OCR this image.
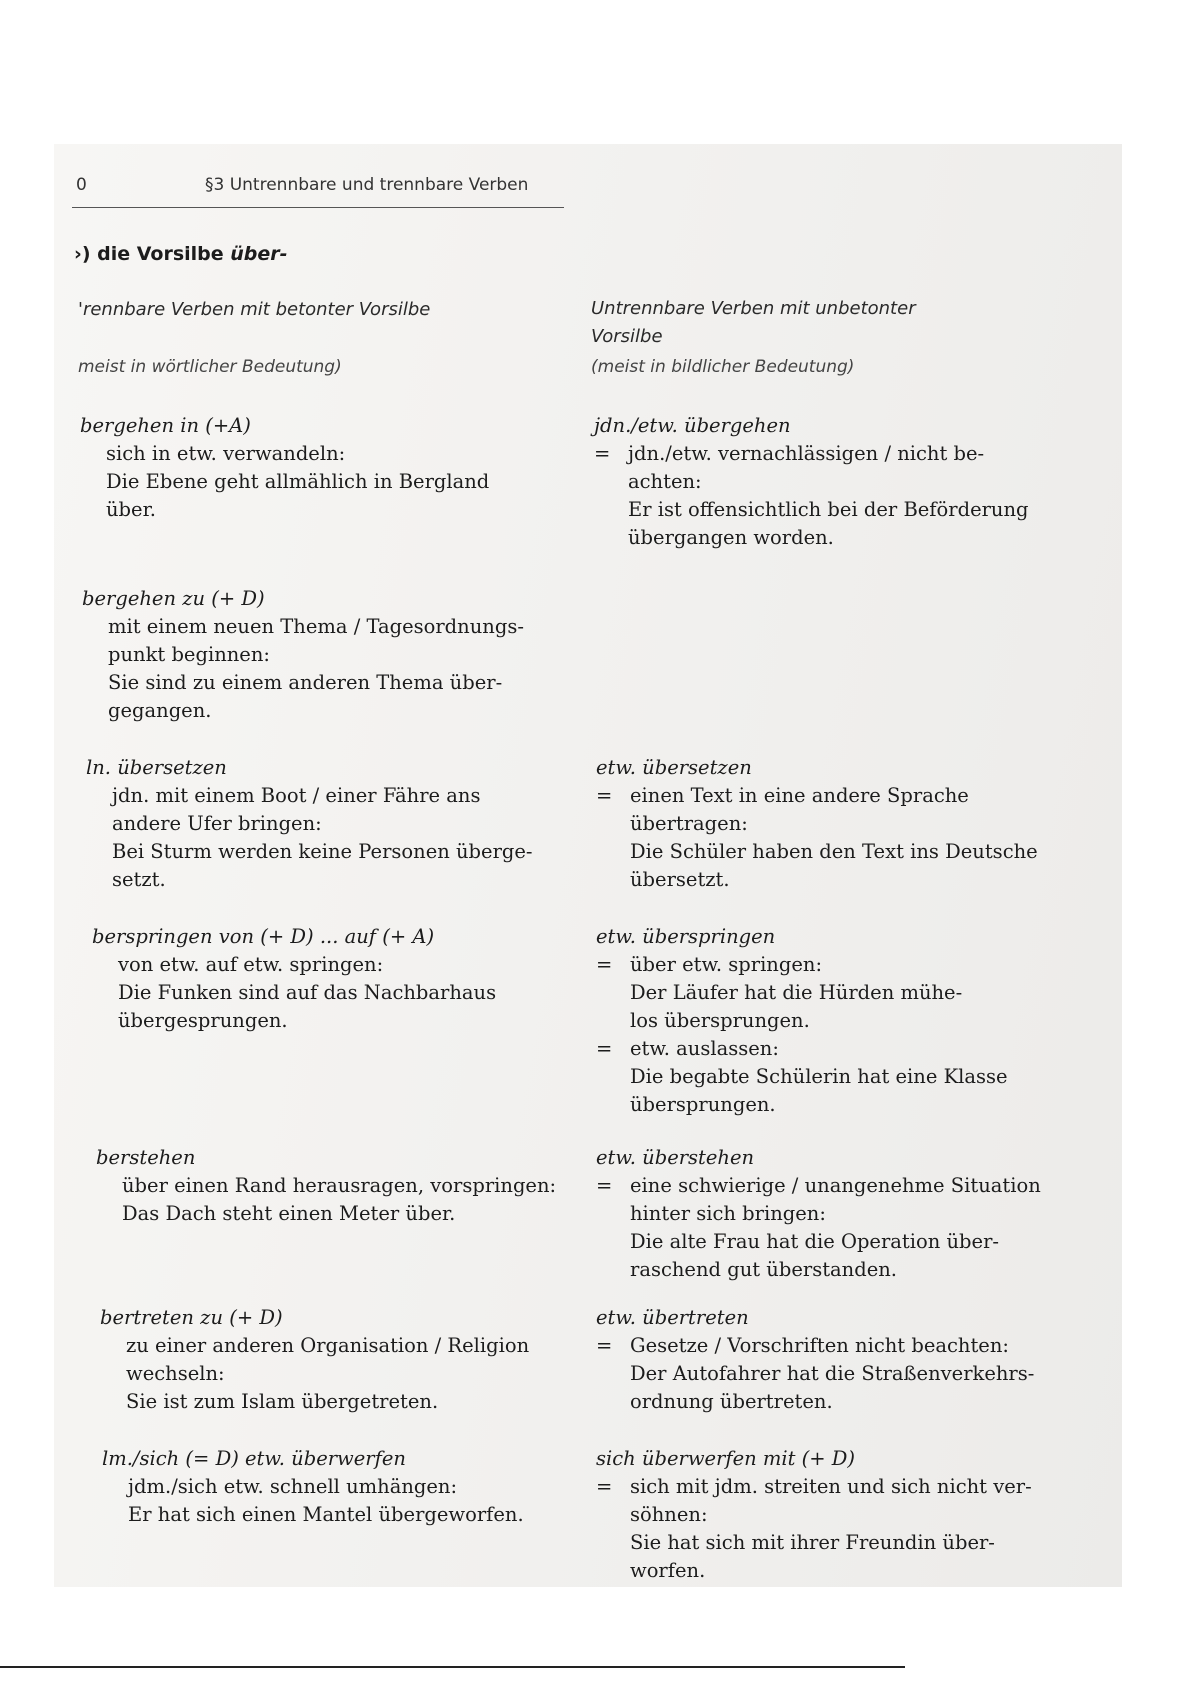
0	§3 Untrennbare und trennbare Verben
›) die Vorsilbe über-
'rennbare Verben mit betonter Vorsilbe
meist in wörtlicher Bedeutung)
Untrennbare Verben mit unbetonter
Vorsilbe
(meist in bildlicher Bedeutung)
bergehen in (+A)
sich in etw. verwandeln:
Die Ebene geht allmählich in Bergland
über.
bergehen zu (+ D)
mit einem neuen Thema / Tagesordnungs-
punkt beginnen:
Sie sind zu einem anderen Thema über-
gegangen.
ln. übersetzen
jdn. mit einem Boot / einer Fähre ans
andere Ufer bringen:
Bei Sturm werden keine Personen überge-
setzt.
berspringen von (+ D) ... auf (+ A)
von etw. auf etw. springen:
Die Funken sind auf das Nachbarhaus
übergesprungen.
berstehen
über einen Rand herausragen, vorspringen:
Das Dach steht einen Meter über.
bertreten zu (+ D)
zu einer anderen Organisation / Religion
wechseln:
Sie ist zum Islam übergetreten.
lm./sich (= D) etw. überwerfen
jdm./sich etw. schnell umhängen:
Er hat sich einen Mantel übergeworfen.
jdn./etw. übergehen
= jdn./etw. vernachlässigen / nicht be-
achten:
Er ist offensichtlich bei der Beförderung
übergangen worden.
etw. übersetzen
= einen Text in eine andere Sprache
übertragen:
Die Schüler haben den Text ins Deutsche
übersetzt.
etw. überspringen
= über etw. springen:
Der Läufer hat die Hürden mühe-
los übersprungen.
= etw. auslassen:
Die begabte Schülerin hat eine Klasse
übersprungen.
etw. überstehen
= eine schwierige / unangenehme Situation
hinter sich bringen:
Die alte Frau hat die Operation über-
raschend gut überstanden.
etw. übertreten
= Gesetze / Vorschriften nicht beachten:
Der Autofahrer hat die Straßenverkehrs-
ordnung übertreten.
sich überwerfen mit (+ D)
= sich mit jdm. streiten und sich nicht ver-
söhnen:
Sie hat sich mit ihrer Freundin über-
worfen.
